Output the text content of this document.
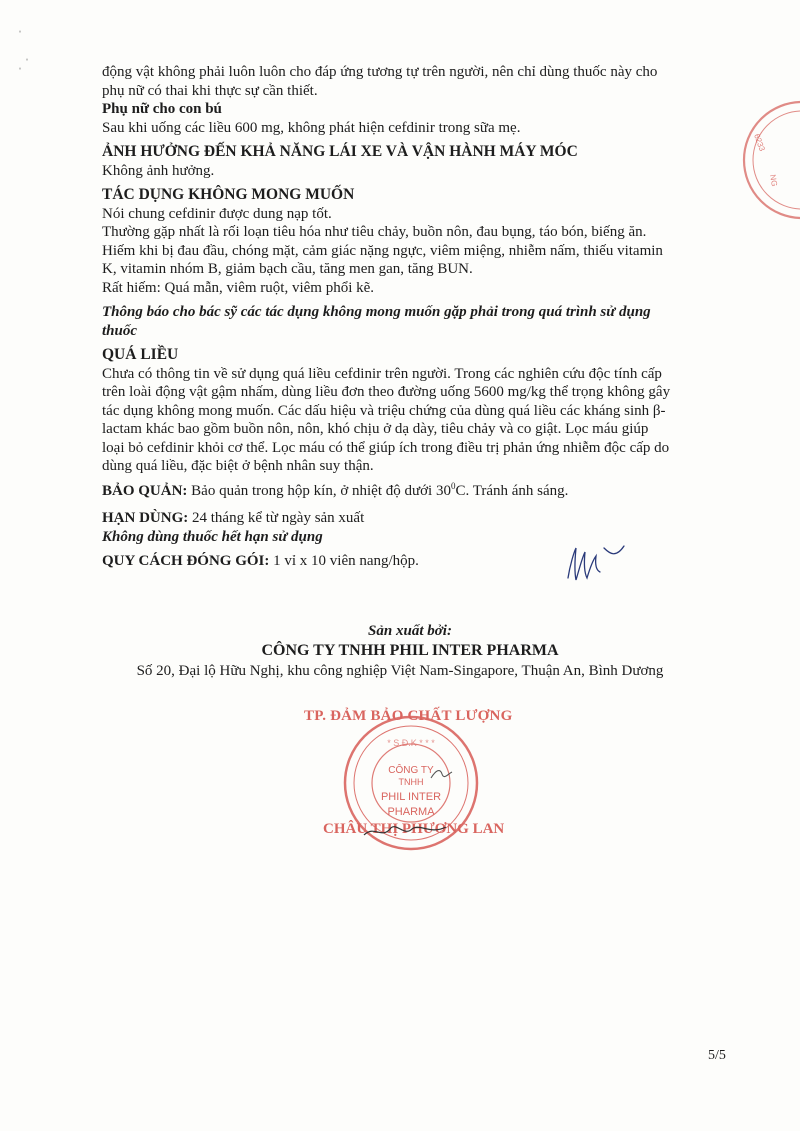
ˈ

ˌ ˈ

động vật không phải luôn luôn cho đáp ứng tương tự trên người, nên chỉ dùng thuốc này cho

phụ nữ có thai khi thực sự cần thiết.

Phụ nữ cho con bú

Sau khi uống các liều 600 mg, không phát hiện cefdinir trong sữa mẹ.

ẢNH HƯỞNG ĐẾN KHẢ NĂNG LÁI XE VÀ VẬN HÀNH MÁY MÓC

Không ảnh hưởng.

TÁC DỤNG KHÔNG MONG MUỐN

Nói chung cefdinir được dung nạp tốt.

Thường gặp nhất là rối loạn tiêu hóa như tiêu chảy, buồn nôn, đau bụng, táo bón, biếng ăn.

Hiếm khi bị đau đầu, chóng mặt, cảm giác nặng ngực, viêm miệng, nhiễm nấm, thiếu vitamin

K, vitamin nhóm B, giảm bạch cầu, tăng men gan, tăng BUN.

Rất hiếm: Quá mẫn, viêm ruột, viêm phổi kẽ.

Thông báo cho bác sỹ các tác dụng không mong muốn gặp phải trong quá trình sử dụng

thuốc

QUÁ LIỀU

Chưa có thông tin về sử dụng quá liều cefdinir trên người. Trong các nghiên cứu độc tính cấp

trên loài động vật gậm nhấm, dùng liều đơn theo đường uống 5600 mg/kg thể trọng không gây

tác dụng không mong muốn. Các dấu hiệu và triệu chứng của dùng quá liều các kháng sinh β-

lactam khác bao gồm buồn nôn, nôn, khó chịu ở dạ dày, tiêu chảy và co giật. Lọc máu giúp

loại bỏ cefdinir khỏi cơ thể. Lọc máu có thể giúp ích trong điều trị phản ứng nhiễm độc cấp do

dùng quá liều, đặc biệt ở bệnh nhân suy thận.

BẢO QUẢN: Bảo quản trong hộp kín, ở nhiệt độ dưới $30^0C$. Tránh ánh sáng.

HẠN DÙNG: 24 tháng kể từ ngày sản xuất

Không dùng thuốc hết hạn sử dụng

QUY CÁCH ĐÓNG GÓI: 1 vỉ x 10 viên nang/hộp.

Sản xuất bởi:
CÔNG TY TNHH PHIL INTER PHARMA
Số 20, Đại lộ Hữu Nghị, khu công nghiệp Việt Nam-Singapore, Thuận An, Bình Dương
6233
NG
TP. ĐẢM BẢO CHẤT LƯỢNG
* S.Đ.K * * *
CÔNG TY
TNHH
PHIL INTER
PHARMA
CHÂU THỊ PHƯƠNG LAN
5/5
